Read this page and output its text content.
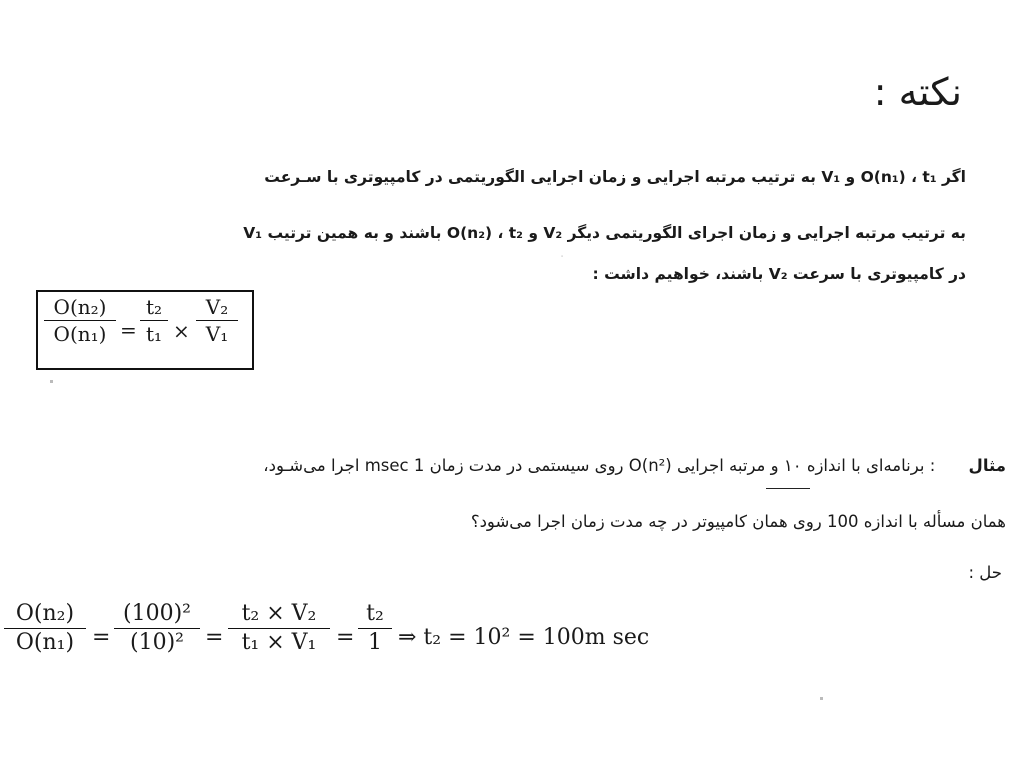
نکته :
اگر O(n₁) ، t₁ و V₁ به ترتیب مرتبه اجرایی و زمان اجرایی الگوریتمی در کامپیوتری با سـرعت
V₁ باشند و به همین ترتیب O(n₂) ، t₂ و V₂ به ترتیب مرتبه اجرایی و زمان اجرای الگوریتمی دیگر
در کامپیوتری با سرعت V₂ باشند، خواهیم داشت :
O(n₂)
O(n₁) =
t₂
t₁ ×
V₂
V₁
·
مثال : برنامه‌ای با اندازه ۱۰ و مرتبه اجرایی (O(n² روی سیستمی در مدت زمان 1 msec اجرا می‌شـود،
همان مسأله با اندازه 100 روی همان کامپیوتر در چه مدت زمان اجرا می‌شود؟
حل :
O(n₂)
O(n₁) =
(100)²
(10)² =
t₂ × V₂
t₁ × V₁ =
t₂
1 ⇒ t₂ = 10² = 100m sec
